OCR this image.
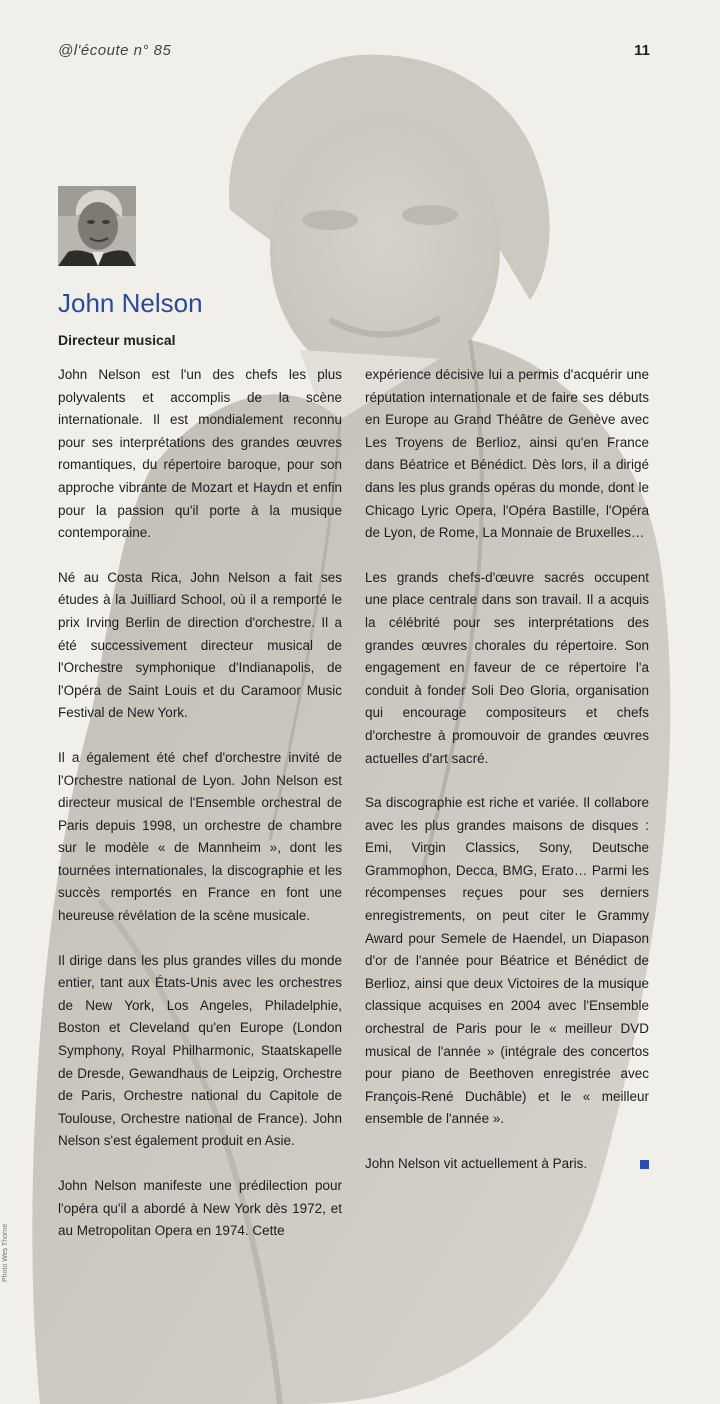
@l'écoute n° 85	11
John Nelson
Directeur musical

John Nelson est l'un des chefs les plus polyvalents et accomplis de la scène internationale. Il est mondialement reconnu pour ses interprétations des grandes œuvres romantiques, du répertoire baroque, pour son approche vibrante de Mozart et Haydn et enfin pour la passion qu'il porte à la musique contemporaine.

Né au Costa Rica, John Nelson a fait ses études à la Juilliard School, où il a remporté le prix Irving Berlin de direction d'orchestre. Il a été successivement directeur musical de l'Orchestre symphonique d'Indianapolis, de l'Opéra de Saint Louis et du Caramoor Music Festival de New York.

Il a également été chef d'orchestre invité de l'Orchestre national de Lyon. John Nelson est directeur musical de l'Ensemble orchestral de Paris depuis 1998, un orchestre de chambre sur le modèle « de Mannheim », dont les tournées internationales, la discographie et les succès remportés en France en font une heureuse révélation de la scène musicale.

Il dirige dans les plus grandes villes du monde entier, tant aux États-Unis avec les orchestres de New York, Los Angeles, Philadelphie, Boston et Cleveland qu'en Europe (London Symphony, Royal Philharmonic, Staatskapelle de Dresde, Gewandhaus de Leipzig, Orchestre de Paris, Orchestre national du Capitole de Toulouse, Orchestre national de France). John Nelson s'est également produit en Asie.

John Nelson manifeste une prédilection pour l'opéra qu'il a abordé à New York dès 1972, et au Metropolitan Opera en 1974. Cette

expérience décisive lui a permis d'acquérir une réputation internationale et de faire ses débuts en Europe au Grand Théâtre de Genève avec Les Troyens de Berlioz, ainsi qu'en France dans Béatrice et Bénédict. Dès lors, il a dirigé dans les plus grands opéras du monde, dont le Chicago Lyric Opera, l'Opéra Bastille, l'Opéra de Lyon, de Rome, La Monnaie de Bruxelles…

Les grands chefs-d'œuvre sacrés occupent une place centrale dans son travail. Il a acquis la célébrité pour ses interprétations des grandes œuvres chorales du répertoire. Son engagement en faveur de ce répertoire l'a conduit à fonder Soli Deo Gloria, organisation qui encourage compositeurs et chefs d'orchestre à promouvoir de grandes œuvres actuelles d'art sacré.

Sa discographie est riche et variée. Il collabore avec les plus grandes maisons de disques : Emi, Virgin Classics, Sony, Deutsche Grammophon, Decca, BMG, Erato… Parmi les récompenses reçues pour ses derniers enregistrements, on peut citer le Grammy Award pour Semele de Haendel, un Diapason d'or de l'année pour Béatrice et Bénédict de Berlioz, ainsi que deux Victoires de la musique classique acquises en 2004 avec l'Ensemble orchestral de Paris pour le « meilleur DVD musical de l'année » (intégrale des concertos pour piano de Beethoven enregistrée avec François-René Duchâble) et le « meilleur ensemble de l'année ».

John Nelson vit actuellement à Paris.

Photo Wes Thorne
